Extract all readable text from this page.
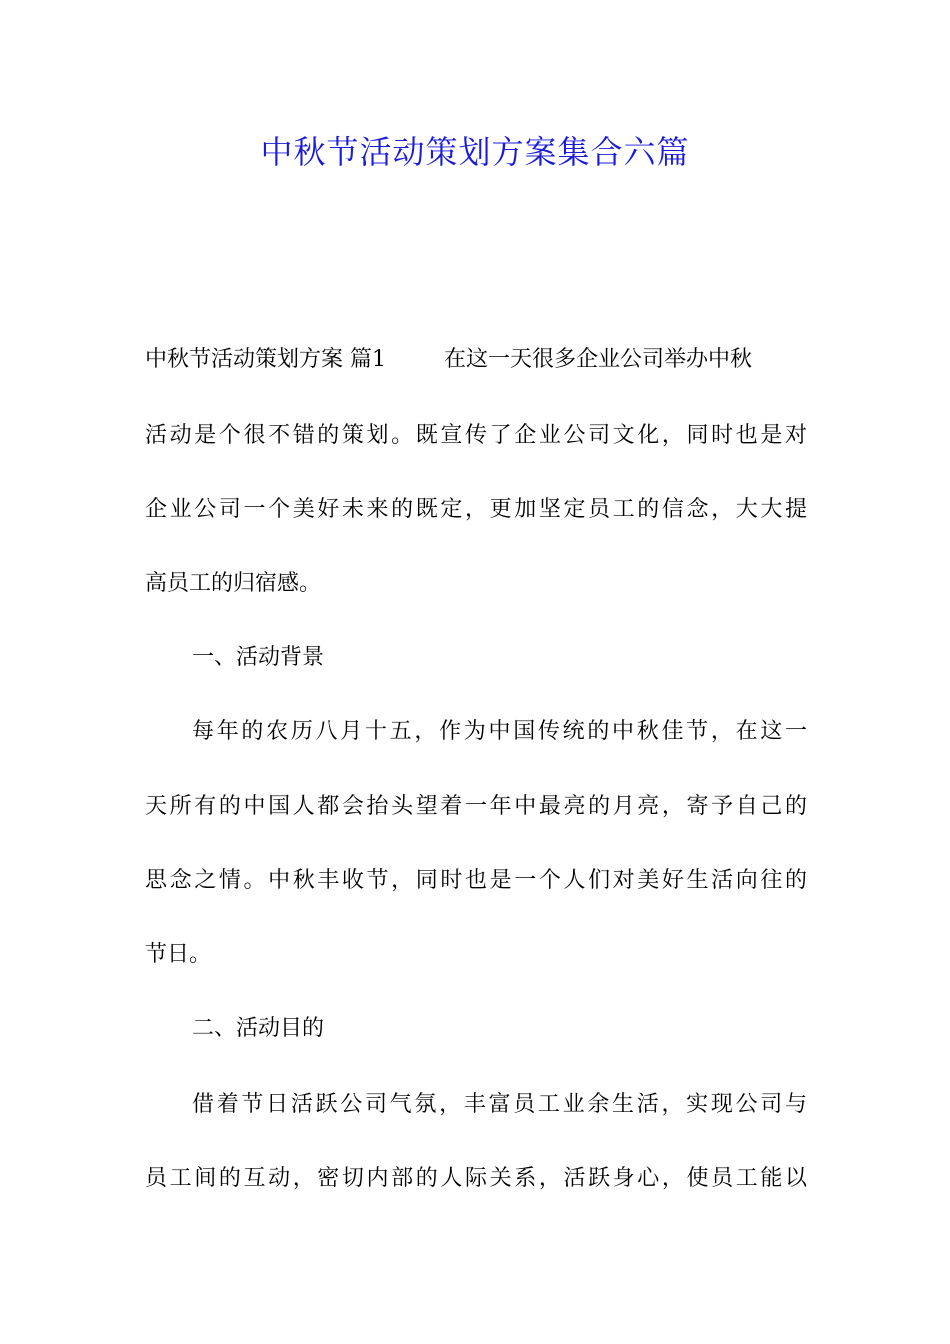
中秋节活动策划方案集合六篇
中秋节活动策划方案 篇1	在这一天很多企业公司举办中秋
活动是个很不错的策划。既宣传了企业公司文化，同时也是对
企业公司一个美好未来的既定，更加坚定员工的信念，大大提
高员工的归宿感。
一、活动背景
每年的农历八月十五，作为中国传统的中秋佳节，在这一
天所有的中国人都会抬头望着一年中最亮的月亮，寄予自己的
思念之情。中秋丰收节，同时也是一个人们对美好生活向往的
节日。
二、活动目的
借着节日活跃公司气氛，丰富员工业余生活，实现公司与
员工间的互动，密切内部的人际关系，活跃身心，使员工能以
